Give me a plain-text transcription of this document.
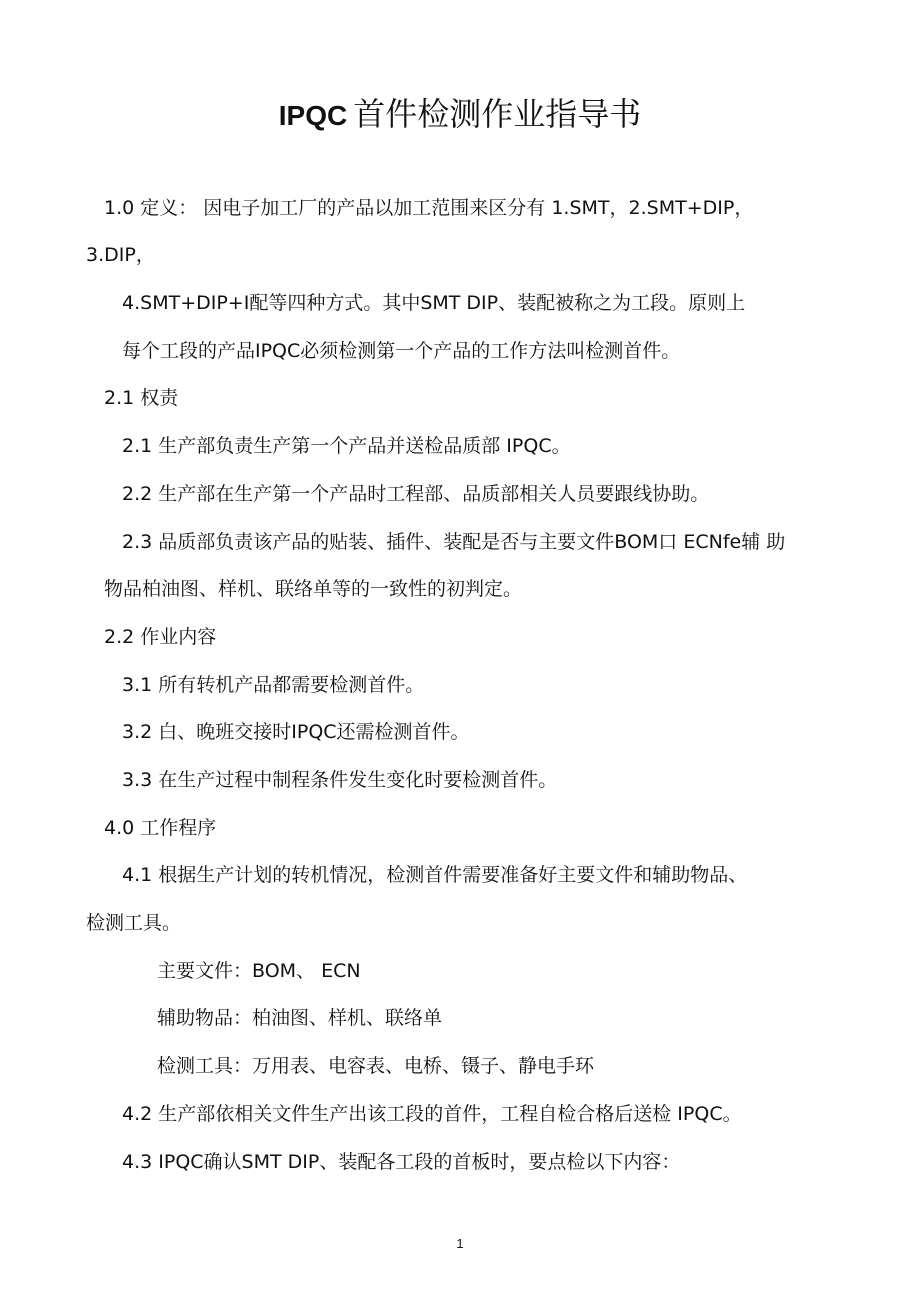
IPQC 首件检测作业指导书
1.0 定义： 因电子加工厂的产品以加工范围来区分有 1.SMT，2.SMT+DIP，
3.DIP，
4.SMT+DIP+I配等四种方式。其中SMT DIP、装配被称之为工段。原则上
每个工段的产品IPQC必须检测第一个产品的工作方法叫检测首件。
2.1 权责
2.1 生产部负责生产第一个产品并送检品质部 IPQC。
2.2 生产部在生产第一个产品时工程部、品质部相关人员要跟线协助。
2.3 品质部负责该产品的贴装、插件、装配是否与主要文件BOM口 ECNfe辅 助
物品柏油图、样机、联络单等的一致性的初判定。
2.2 作业内容
3.1 所有转机产品都需要检测首件。
3.2 白、晚班交接时IPQC还需检测首件。
3.3 在生产过程中制程条件发生变化时要检测首件。
4.0 工作程序
4.1 根据生产计划的转机情况，检测首件需要准备好主要文件和辅助物品、
检测工具。
主要文件：BOM、 ECN
辅助物品：柏油图、样机、联络单
检测工具：万用表、电容表、电桥、镊子、静电手环
4.2 生产部依相关文件生产出该工段的首件，工程自检合格后送检 IPQC。
4.3 IPQC确认SMT DIP、装配各工段的首板时，要点检以下内容：
1
